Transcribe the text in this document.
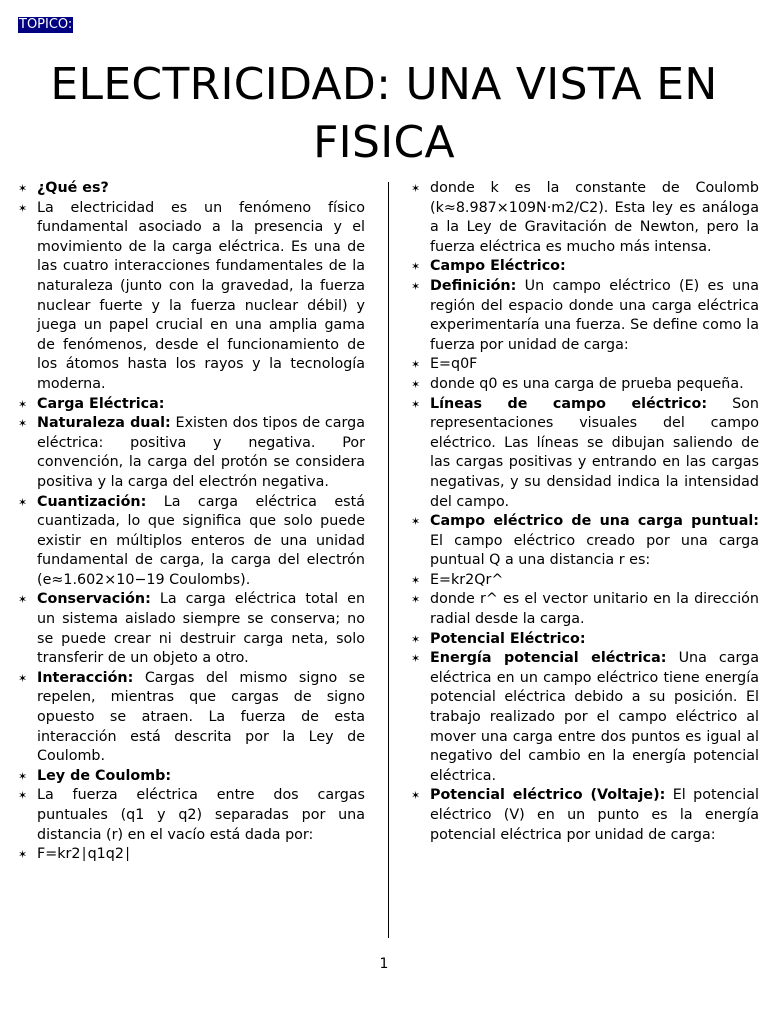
TOPICO:
ELECTRICIDAD: UNA VISTA EN FISICA
✶ ¿Qué es?
✶ La electricidad es un fenómeno físico fundamental asociado a la presencia y el movimiento de la carga eléctrica. Es una de las cuatro interacciones fundamentales de la naturaleza (junto con la gravedad, la fuerza nuclear fuerte y la fuerza nuclear débil) y juega un papel crucial en una amplia gama de fenómenos, desde el funcionamiento de los átomos hasta los rayos y la tecnología moderna.
✶ Carga Eléctrica:
✶ Naturaleza dual: Existen dos tipos de carga eléctrica: positiva y negativa. Por convención, la carga del protón se considera positiva y la carga del electrón negativa.
✶ Cuantización: La carga eléctrica está cuantizada, lo que significa que solo puede existir en múltiplos enteros de una unidad fundamental de carga, la carga del electrón (e≈1.602×10−19 Coulombs).
✶ Conservación: La carga eléctrica total en un sistema aislado siempre se conserva; no se puede crear ni destruir carga neta, solo transferir de un objeto a otro.
✶ Interacción: Cargas del mismo signo se repelen, mientras que cargas de signo opuesto se atraen. La fuerza de esta interacción está descrita por la Ley de Coulomb.
✶ Ley de Coulomb:
✶ La fuerza eléctrica entre dos cargas puntuales (q1 y q2) separadas por una distancia (r) en el vacío está dada por:
✶ F=kr2∣q1q2∣
✶ donde k es la constante de Coulomb (k≈8.987×109N·m2/C2). Esta ley es análoga a la Ley de Gravitación de Newton, pero la fuerza eléctrica es mucho más intensa.
✶ Campo Eléctrico:
✶ Definición: Un campo eléctrico (E) es una región del espacio donde una carga eléctrica experimentaría una fuerza. Se define como la fuerza por unidad de carga:
✶ E=q0F
✶ donde q0 es una carga de prueba pequeña.
✶ Líneas de campo eléctrico: Son representaciones visuales del campo eléctrico. Las líneas se dibujan saliendo de las cargas positivas y entrando en las cargas negativas, y su densidad indica la intensidad del campo.
✶ Campo eléctrico de una carga puntual: El campo eléctrico creado por una carga puntual Q a una distancia r es:
✶ E=kr2Qr^
✶ donde r^ es el vector unitario en la dirección radial desde la carga.
✶ Potencial Eléctrico:
✶ Energía potencial eléctrica: Una carga eléctrica en un campo eléctrico tiene energía potencial eléctrica debido a su posición. El trabajo realizado por el campo eléctrico al mover una carga entre dos puntos es igual al negativo del cambio en la energía potencial eléctrica.
✶ Potencial eléctrico (Voltaje): El potencial eléctrico (V) en un punto es la energía potencial eléctrica por unidad de carga:
1
